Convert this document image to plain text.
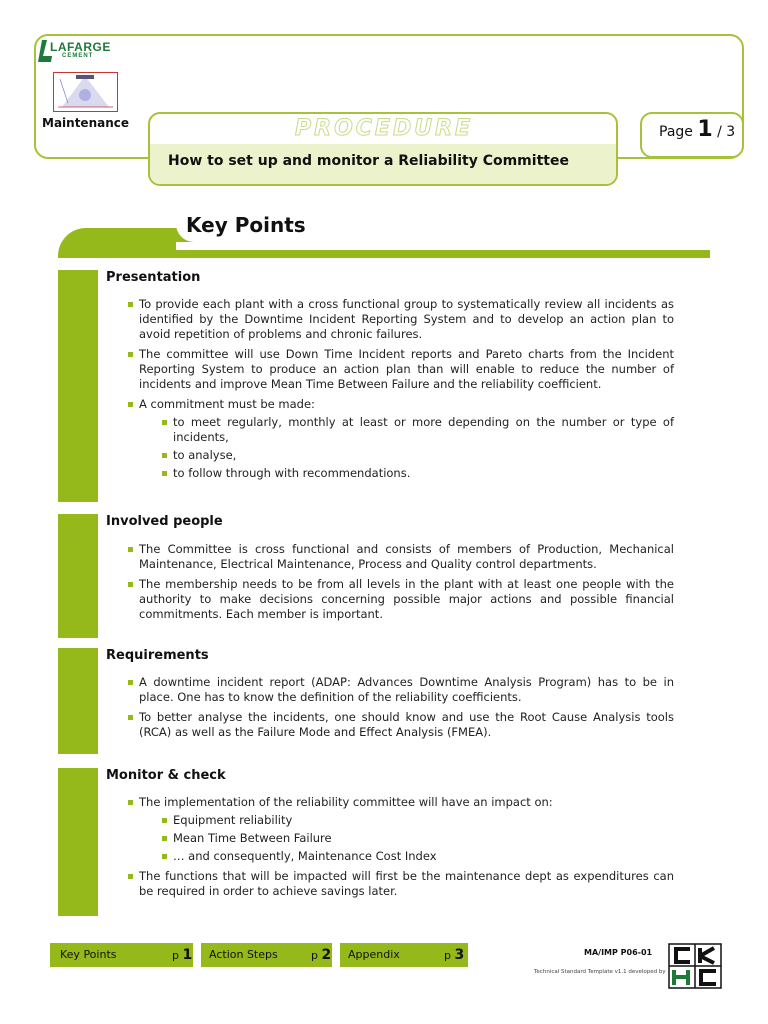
LAFARGE
CEMENT
Maintenance	PROCEDURE
How to set up and monitor a Reliability Committee
Page 1 / 3
Key Points
Presentation
To provide each plant with a cross functional group to systematically review all incidents as identified by the Downtime Incident Reporting System and to develop an action plan to avoid repetition of problems and chronic failures.
The committee will use Down Time Incident reports and Pareto charts from the Incident Reporting System to produce an action plan than will enable to reduce the number of incidents and improve Mean Time Between Failure and the reliability coefficient.
A commitment must be made:
to meet regularly, monthly at least or more depending on the number or type of incidents,
to analyse,
to follow through with recommendations.
Involved people
The Committee is cross functional and consists of members of Production, Mechanical Maintenance, Electrical Maintenance, Process and Quality control departments.
The membership needs to be from all levels in the plant with at least one people with the authority to make decisions concerning possible major actions and possible financial commitments. Each member is important.
Requirements
A downtime incident report (ADAP: Advances Downtime Analysis Program) has to be in place. One has to know the definition of the reliability coefficients.
To better analyse the incidents, one should know and use the Root Cause Analysis tools (RCA) as well as the Failure Mode and Effect Analysis (FMEA).
Monitor & check
The implementation of the reliability committee will have an impact on:
Equipment reliability
Mean Time Between Failure
… and consequently, Maintenance Cost Index
The functions that will be impacted will first be the maintenance dept as expenditures can be required in order to achieve savings later.
Key Points	p 1 Action Steps	p 2 Appendix	p 3	MA/IMP P06-01
Technical Standard Template v1.1 developed by
